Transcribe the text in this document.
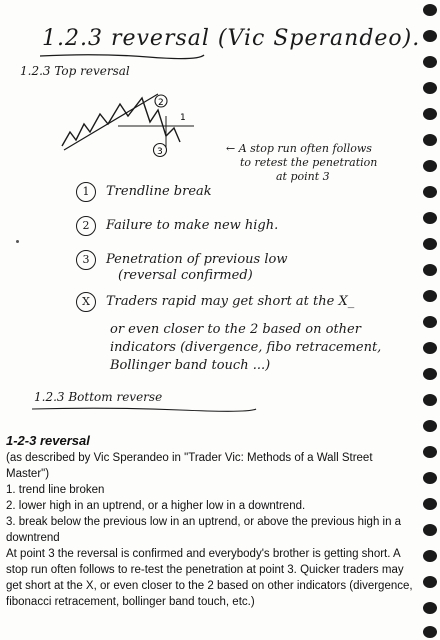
1.2.3 reversal (Vic Sperandeo).
1.2.3 Top reversal
2
3
1
← A stop run often follows
to retest the penetration
at point 3
1 Trendline break
2 Failure to make new high.
3 Penetration of previous low
(reversal confirmed)
X Traders rapid may get short at the X_
or even closer to the 2 based on other
indicators (divergence, fibo retracement,
Bollinger band touch ...)
1.2.3 Bottom reverse
1-2-3 reversal

(as described by Vic Sperandeo in "Trader Vic: Methods of a Wall Street Master")

1. trend line broken

2. lower high in an uptrend, or a higher low in a downtrend.

3. break below the previous low in an uptrend, or above the previous high in a downtrend

At point 3 the reversal is confirmed and everybody's brother is getting short. A stop run often follows to re-test the penetration at point 3. Quicker traders may get short at the X, or even closer to the 2 based on other indicators (divergence, fibonacci retracement, bollinger band touch, etc.)
